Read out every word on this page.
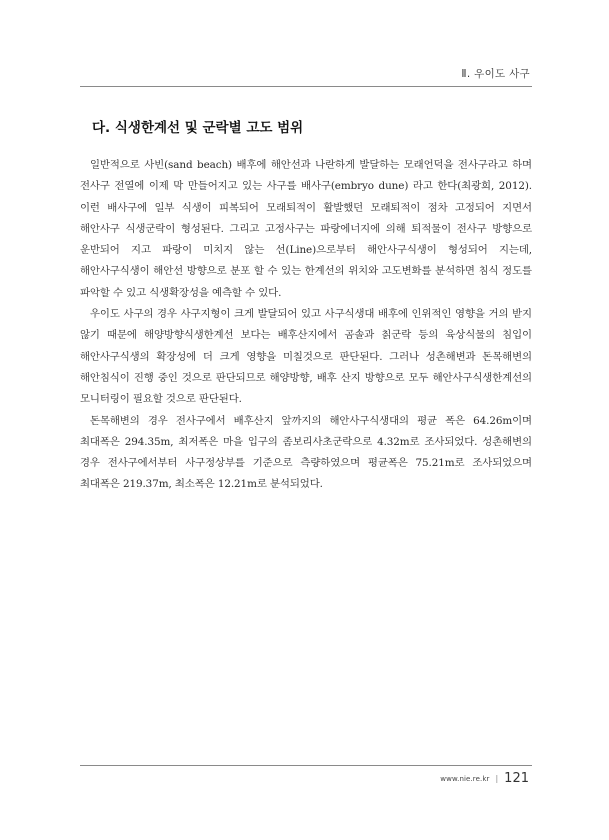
Ⅱ. 우이도 사구
다. 식생한계선 및 군락별 고도 범위

일반적으로 사빈(sand beach) 배후에 해안선과 나란하게 발달하는 모래언덕을 전사구라고 하며 전사구 전열에 이제 막 만들어지고 있는 사구를 배사구(embryo dune) 라고 한다(최광희, 2012). 이런 배사구에 일부 식생이 피복되어 모래퇴적이 활발했던 모래퇴적이 점차 고정되어 지면서 해안사구 식생군락이 형성된다. 그리고 고정사구는 파랑에너지에 의해 퇴적물이 전사구 방향으로 운반되어 지고 파랑이 미치지 않는 선(Line)으로부터 해안사구식생이 형성되어 지는데, 해안사구식생이 해안선 방향으로 분포 할 수 있는 한계선의 위치와 고도변화를 분석하면 침식 정도를 파악할 수 있고 식생확장성을 예측할 수 있다.

우이도 사구의 경우 사구지형이 크게 발달되어 있고 사구식생대 배후에 인위적인 영향을 거의 받지 않기 때문에 해양방향식생한계선 보다는 배후산지에서 곰솔과 칡군락 등의 육상식물의 침입이 해안사구식생의 확장성에 더 크게 영향을 미칠것으로 판단된다. 그러나 성촌해변과 돈목해변의 해안침식이 진행 중인 것으로 판단되므로 해양방향, 배후 산지 방향으로 모두 해안사구식생한계선의 모니터링이 필요할 것으로 판단된다.

돈목해변의 경우 전사구에서 배후산지 앞까지의 해안사구식생대의 평균 폭은 64.26m이며 최대폭은 294.35m, 최저폭은 마을 입구의 좀보리사초군락으로 4.32m로 조사되었다. 성촌해변의 경우 전사구에서부터 사구정상부를 기준으로 측량하였으며 평균폭은 75.21m로 조사되었으며 최대폭은 219.37m, 최소폭은 12.21m로 분석되었다.

www.nie.re.kr | 121
